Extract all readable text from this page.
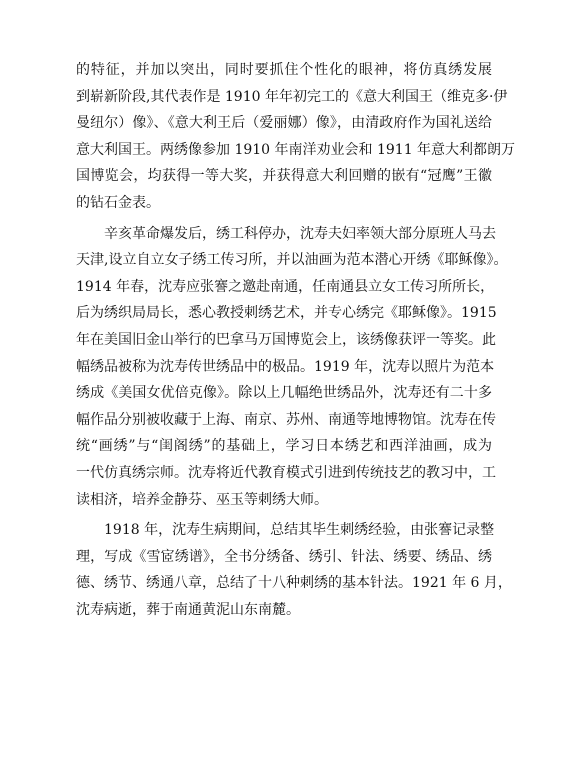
的特征，并加以突出，同时要抓住个性化的眼神，将仿真绣发展
到崭新阶段,其代表作是 1910 年年初完工的《意大利国王（维克多·伊
曼纽尔）像》、《意大利王后（爱丽娜）像》，由清政府作为国礼送给
意大利国王。两绣像参加 1910 年南洋劝业会和 1911 年意大利都朗万
国博览会，均获得一等大奖，并获得意大利回赠的嵌有“冠鹰”王徽
的钻石金表。
辛亥革命爆发后，绣工科停办，沈寿夫妇率领大部分原班人马去
天津,设立自立女子绣工传习所，并以油画为范本潜心开绣《耶稣像》。
1914 年春，沈寿应张謇之邀赴南通，任南通县立女工传习所所长，
后为绣织局局长，悉心教授刺绣艺术，并专心绣完《耶稣像》。1915
年在美国旧金山举行的巴拿马万国博览会上，该绣像获评一等奖。此
幅绣品被称为沈寿传世绣品中的极品。1919 年，沈寿以照片为范本
绣成《美国女优倍克像》。除以上几幅绝世绣品外，沈寿还有二十多
幅作品分别被收藏于上海、南京、苏州、南通等地博物馆。沈寿在传
统“画绣”与“闺阁绣”的基础上，学习日本绣艺和西洋油画，成为
一代仿真绣宗师。沈寿将近代教育模式引进到传统技艺的教习中，工
读相济，培养金静芬、巫玉等刺绣大师。
1918 年，沈寿生病期间，总结其毕生刺绣经验，由张謇记录整
理，写成《雪宧绣谱》，全书分绣备、绣引、针法、绣要、绣品、绣
德、绣节、绣通八章，总结了十八种刺绣的基本针法。1921 年 6 月，
沈寿病逝，葬于南通黄泥山东南麓。
